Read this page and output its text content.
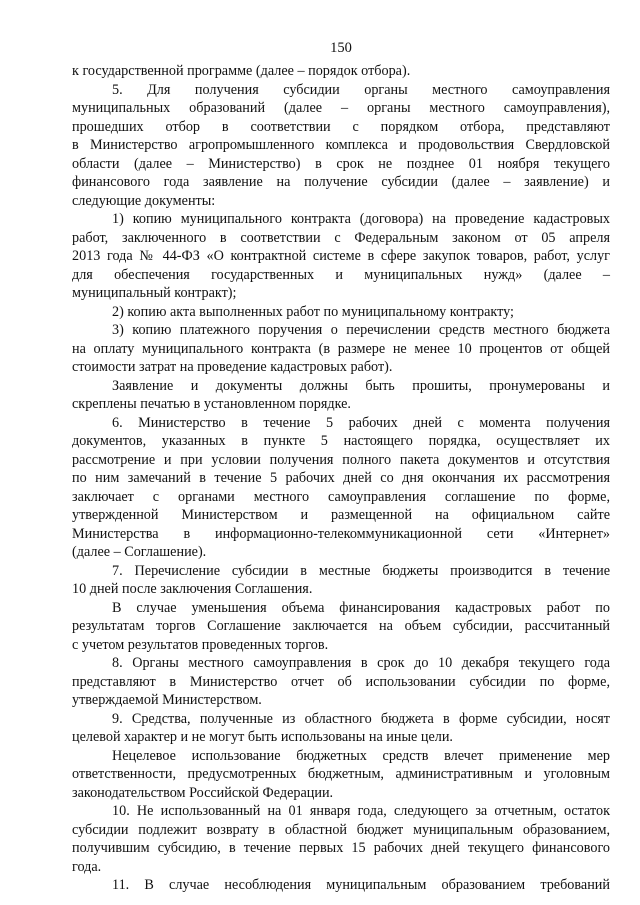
150
к государственной программе (далее – порядок отбора).
5. Для получения субсидии органы местного самоуправления
муниципальных образований (далее – органы местного самоуправления),
прошедших отбор в соответствии с порядком отбора, представляют
в Министерство агропромышленного комплекса и продовольствия Свердловской
области (далее – Министерство) в срок не позднее 01 ноября текущего
финансового года заявление на получение субсидии (далее – заявление) и
следующие документы:
1) копию муниципального контракта (договора) на проведение кадастровых
работ, заключенного в соответствии с Федеральным законом от 05 апреля
2013 года № 44-ФЗ «О контрактной системе в сфере закупок товаров, работ, услуг
для обеспечения государственных и муниципальных нужд» (далее –
муниципальный контракт);
2) копию акта выполненных работ по муниципальному контракту;
3) копию платежного поручения о перечислении средств местного бюджета
на оплату муниципального контракта (в размере не менее 10 процентов от общей
стоимости затрат на проведение кадастровых работ).
Заявление и документы должны быть прошиты, пронумерованы и
скреплены печатью в установленном порядке.
6. Министерство в течение 5 рабочих дней с момента получения
документов, указанных в пункте 5 настоящего порядка, осуществляет их
рассмотрение и при условии получения полного пакета документов и отсутствия
по ним замечаний в течение 5 рабочих дней со дня окончания их рассмотрения
заключает с органами местного самоуправления соглашение по форме,
утвержденной Министерством и размещенной на официальном сайте
Министерства в информационно-телекоммуникационной сети «Интернет»
(далее – Соглашение).
7. Перечисление субсидии в местные бюджеты производится в течение
10 дней после заключения Соглашения.
В случае уменьшения объема финансирования кадастровых работ по
результатам торгов Соглашение заключается на объем субсидии, рассчитанный
с учетом результатов проведенных торгов.
8. Органы местного самоуправления в срок до 10 декабря текущего года
представляют в Министерство отчет об использовании субсидии по форме,
утверждаемой Министерством.
9. Средства, полученные из областного бюджета в форме субсидии, носят
целевой характер и не могут быть использованы на иные цели.
Нецелевое использование бюджетных средств влечет применение мер
ответственности, предусмотренных бюджетным, административным и уголовным
законодательством Российской Федерации.
10. Не использованный на 01 января года, следующего за отчетным, остаток
субсидии подлежит возврату в областной бюджет муниципальным образованием,
получившим субсидию, в течение первых 15 рабочих дней текущего финансового
года.
11. В случае несоблюдения муниципальным образованием требований
